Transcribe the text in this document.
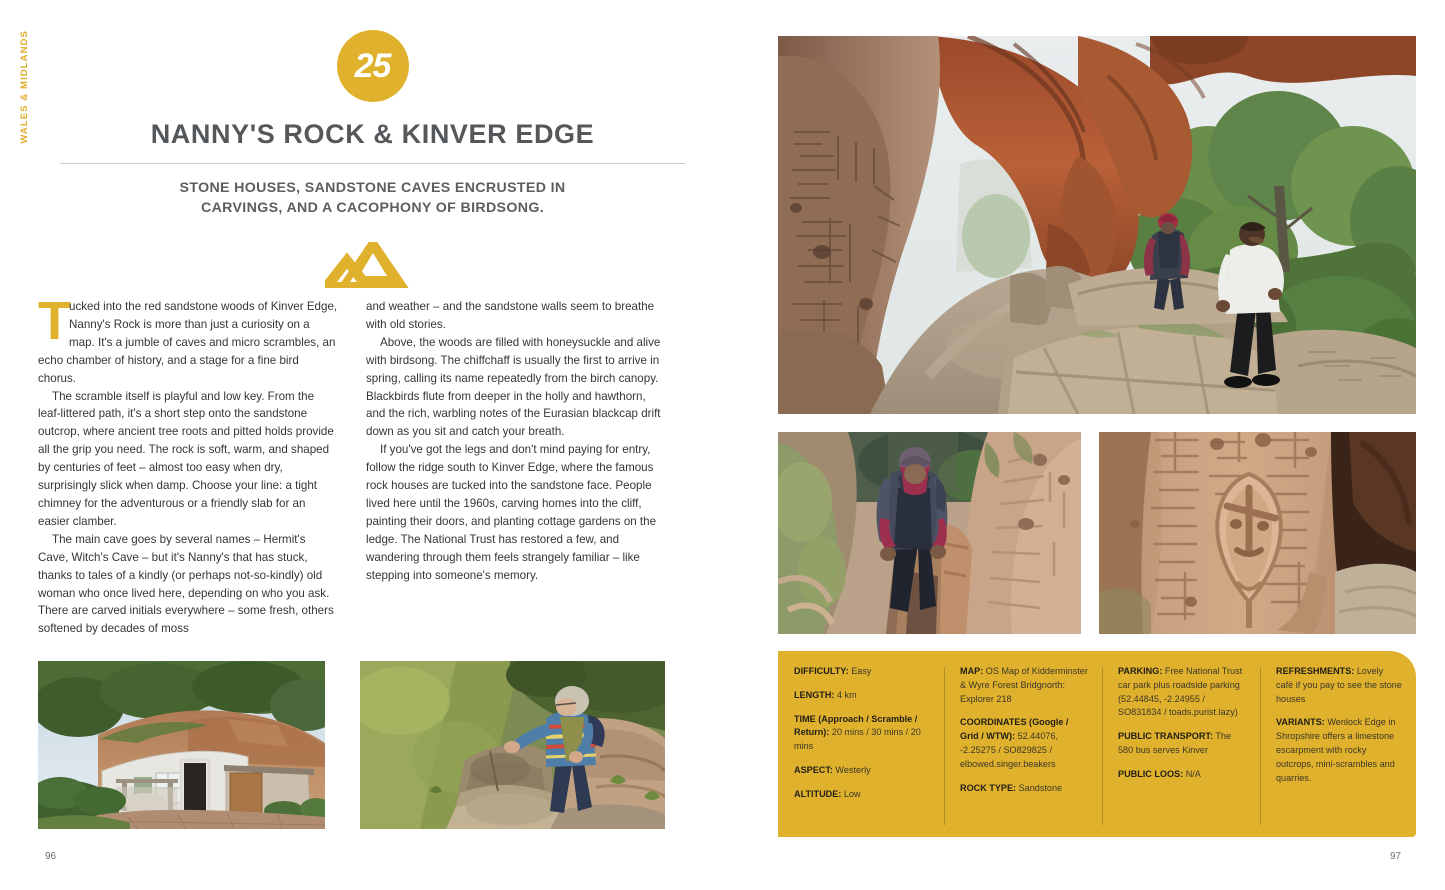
WALES & MIDLANDS	25
NANNY'S ROCK & KINVER EDGE
STONE HOUSES, SANDSTONE CAVES ENCRUSTED IN CARVINGS, AND A CACOPHONY OF BIRDSONG.

T
ucked into the red sandstone woods of Kinver Edge, Nanny's Rock is more than just a curiosity on a map. It's a jumble of caves and micro scrambles, an echo chamber of history, and a stage for a fine bird chorus.

The scramble itself is playful and low key. From the leaf-littered path, it's a short step onto the sandstone outcrop, where ancient tree roots and pitted holds provide all the grip you need. The rock is soft, warm, and shaped by centuries of feet – almost too easy when dry, surprisingly slick when damp. Choose your line: a tight chimney for the adventurous or a friendly slab for an easier clamber.

The main cave goes by several names – Hermit's Cave, Witch's Cave – but it's Nanny's that has stuck, thanks to tales of a kindly (or perhaps not-so-kindly) old woman who once lived here, depending on who you ask. There are carved initials everywhere – some fresh, others softened by decades of moss

and weather – and the sandstone walls seem to breathe with old stories.

Above, the woods are filled with honeysuckle and alive with birdsong. The chiffchaff is usually the first to arrive in spring, calling its name repeatedly from the birch canopy. Blackbirds flute from deeper in the holly and hawthorn, and the rich, warbling notes of the Eurasian blackcap drift down as you sit and catch your breath.

If you've got the legs and don't mind paying for entry, follow the ridge south to Kinver Edge, where the famous rock houses are tucked into the sandstone face. People lived here until the 1960s, carving homes into the cliff, painting their doors, and planting cottage gardens on the ledge. The National Trust has restored a few, and wandering through them feels strangely familiar – like stepping into someone's memory.

96
DIFFICULTY: Easy
LENGTH: 4 km
TIME (Approach / Scramble / Return): 20 mins / 30 mins / 20 mins
ASPECT: Westerly
ALTITUDE: Low
MAP: OS Map of Kidderminster & Wyre Forest Bridgnorth: Explorer 218
COORDINATES (Google / Grid / WTW): 52.44076, -2.25275 / SO829825 / elbowed.singer.beakers
ROCK TYPE: Sandstone
PARKING: Free National Trust car park plus roadside parking (52.44845, -2.24955 / SO831834 / toads.purist.lazy)
PUBLIC TRANSPORT: The 580 bus serves Kinver
PUBLIC LOOS: N/A
REFRESHMENTS: Lovely café if you pay to see the stone houses
VARIANTS: Wenlock Edge in Shropshire offers a limestone escarpment with rocky outcrops, mini-scrambles and quarries.
97
